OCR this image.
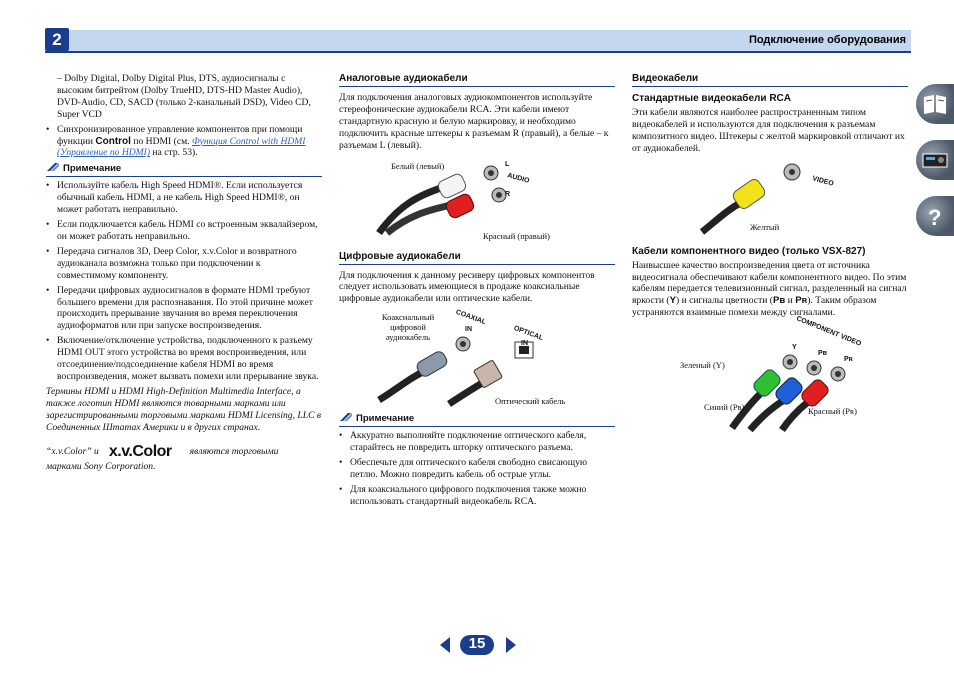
2	Подключение оборудования

– Dolby Digital, Dolby Digital Plus, DTS, аудиосигналы с высоким битрейтом (Dolby TrueHD, DTS-HD Master Audio), DVD-Audio, CD, SACD (только 2-канальный DSD), Video CD, Super VCD

• Синхронизированное управление компонентов при помощи функции Control по HDMI (см. Функция Control with HDMI (Управление по HDMI) на стр. 53).
Примечание
• Используйте кабель High Speed HDMI®. Если используется обычный кабель HDMI, а не кабель High Speed HDMI®, он может работать неправильно.
• Если подключается кабель HDMI со встроенным эквалайзером, он может работать неправильно.
• Передача сигналов 3D, Deep Color, x.v.Color и возвратного аудиоканала возможна только при подключении к совместимому компоненту.
• Передачи цифровых аудиосигналов в формате HDMI требуют большего времени для распознавания. По этой причине может происходить прерывание звучания во время переключения аудиоформатов или при запуске воспроизведения.
• Включение/отключение устройства, подключенного к разъему HDMI OUT этого устройства во время воспроизведения, или отсоединение/подсоединение кабеля HDMI во время воспроизведения, может вызвать помехи или прерывание звука.

Термины HDMI и HDMI High-Definition Multimedia Interface, а также логотип HDMI являются товарными марками или зарегистрированными торговыми марками HDMI Licensing, LLC в Соединенных Штатах Америки и в других странах.

“x.v.Color” и x.v.Color являются торговыми
марками Sony Corporation.

Аналоговые аудиокабели

Для подключения аналоговых аудиокомпонентов используйте стереофонические аудиокабели RCA. Эти кабели имеют стандартную красную и белую маркировку, и необходимо подключить красные штекеры к разъемам R (правый), а белые – к разъемам L (левый).

Белый (левый)
Красный (правый)
AUDIO
L
R
Цифровые аудиокабели

Для подключения к данному ресиверу цифровых компонентов следует использовать имеющиеся в продаже коаксиальные цифровые аудиокабели или оптические кабели.

Коаксиальный цифровой аудиокабель
Оптический кабель
COAXIAL
IN	OPTICAL
IN
Примечание
• Аккуратно выполняйте подключение оптического кабеля, старайтесь не повредить шторку оптического разъема.
• Обеспечьте для оптического кабеля свободно свисающую петлю. Можно повредить кабель об острые углы.
• Для коаксиального цифрового подключения также можно использовать стандартный видеокабель RCA.
Видеокабели
Стандартные видеокабели RCA

Эти кабели являются наиболее распространенным типом видеокабелей и используются для подключения к разъемам композитного видео. Штекеры с желтой маркировкой отличают их от аудиокабелей.

Желтый
VIDEO
Кабели компонентного видео (только VSX-827)

Наивысшее качество воспроизведения цвета от источника видеосигнала обеспечивают кабели компонентного видео. По этим кабелям передается телевизионный сигнал, разделенный на сигнал яркости (Y) и сигналы цветности (Pʙ и Pʀ). Таким образом устраняются взаимные помехи между сигналами.

Зеленый (Y)
Синий (Pʙ)	Красный (Pʀ)
COMPONENT VIDEO
Y
Pʙ
Pʀ
?
15
